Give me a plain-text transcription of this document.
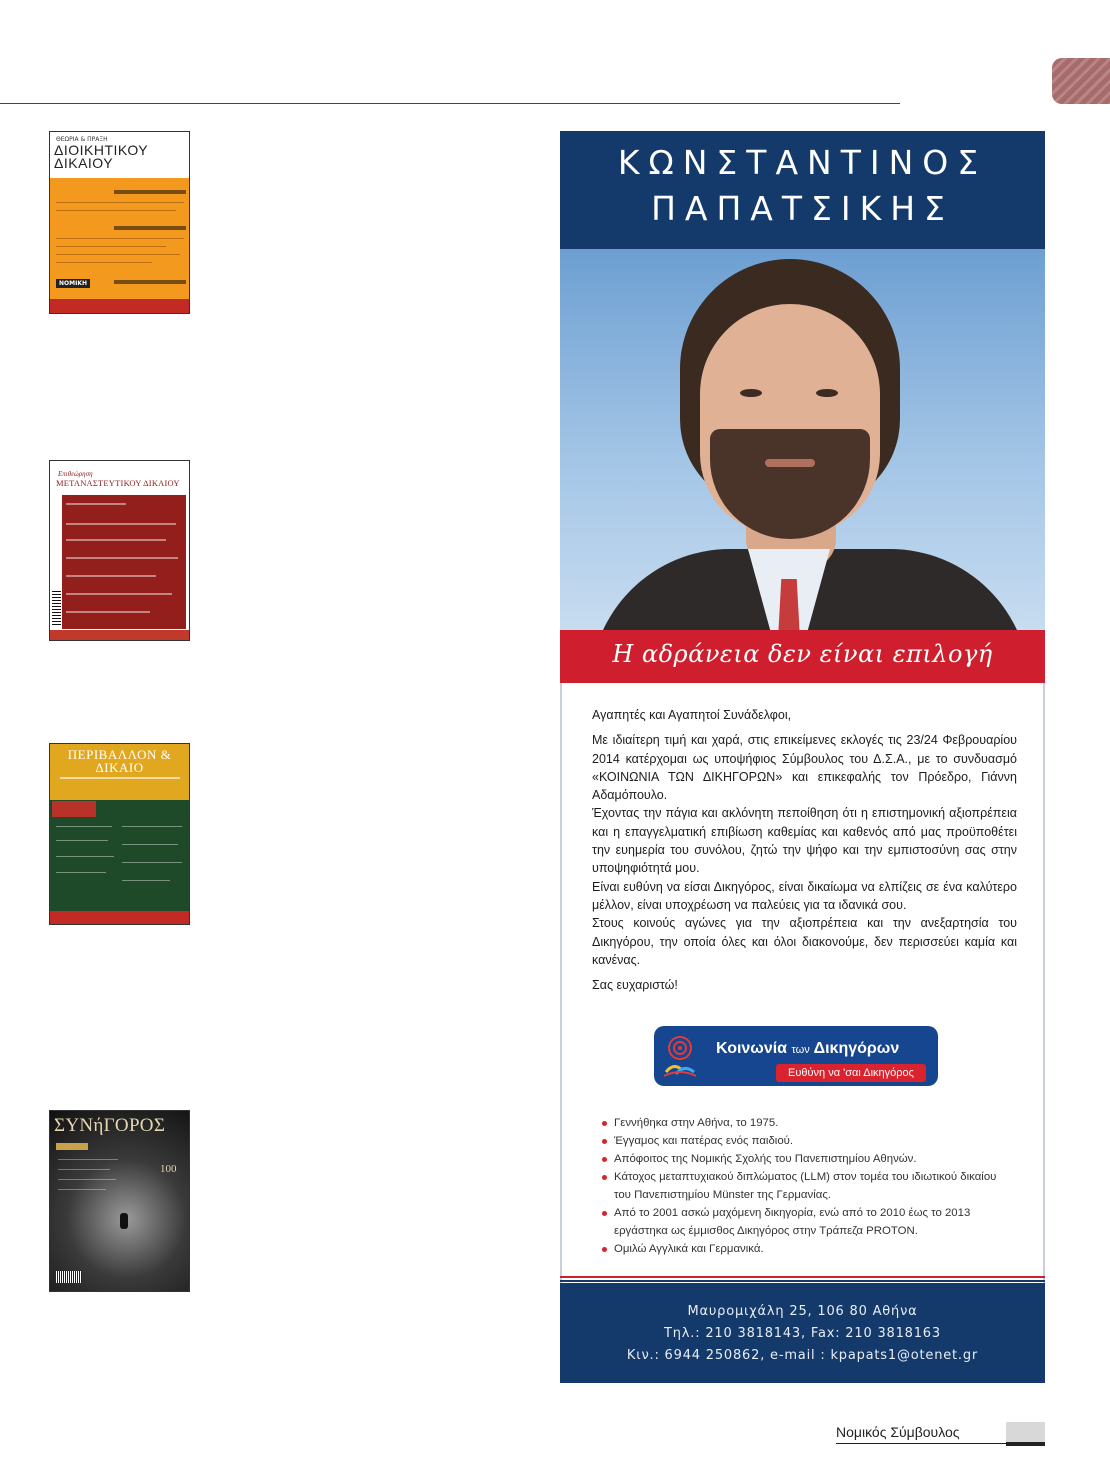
ΘΕΩΡΙΑ & ΠΡΑΞΗ
ΔΙΟΙΚΗΤΙΚΟΥ ΔΙΚΑΙΟΥ
ΝΟΜΙΚΗ
Επιθεώρηση
ΜΕΤΑΝΑΣΤΕΥΤΙΚΟΥ ΔΙΚΑΙΟΥ
ΠΕΡΙΒΑΛΛΟΝ & ΔΙΚΑΙΟ
ΣΥΝήΓΟΡΟΣ
100
ΚΩΝΣΤΑΝΤΙΝΟΣ
ΠΑΠΑΤΣΙΚΗΣ
Η αδράνεια δεν είναι επιλογή

Αγαπητές και Αγαπητοί Συνάδελφοι,

Με ιδιαίτερη τιμή και χαρά, στις επικείμενες εκλογές τις 23/24 Φεβρουαρίου 2014 κατέρχομαι ως υποψήφιος Σύμβουλος του Δ.Σ.Α., με το συνδυασμό «ΚΟΙΝΩΝΙΑ ΤΩΝ ΔΙΚΗΓΟΡΩΝ» και επικεφαλής τον Πρόεδρο, Γιάννη Αδαμόπουλο.

Έχοντας την πάγια και ακλόνητη πεποίθηση ότι η επιστημονική αξιοπρέπεια και η επαγγελματική επιβίωση καθεμίας και καθενός από μας προϋποθέτει την ευημερία του συνόλου, ζητώ την ψήφο και την εμπιστοσύνη σας στην υποψηφιότητά μου.

Είναι ευθύνη να είσαι Δικηγόρος, είναι δικαίωμα να ελπίζεις σε ένα καλύτερο μέλλον, είναι υποχρέωση να παλεύεις για τα ιδανικά σου.

Στους κοινούς αγώνες για την αξιοπρέπεια και την ανεξαρτησία του Δικηγόρου, την οποία όλες και όλοι διακονούμε, δεν περισσεύει καμία και κανένας.

Σας ευχαριστώ!

Κοινωνία των Δικηγόρων
Ευθύνη να 'σαι Δικηγόρος
Γεννήθηκα στην Αθήνα, το 1975.
Έγγαμος και πατέρας ενός παιδιού.
Απόφοιτος της Νομικής Σχολής του Πανεπιστημίου Αθηνών.
Κάτοχος μεταπτυχιακού διπλώματος (LLM) στον τομέα του ιδιωτικού δικαίου του Πανεπιστημίου Münster της Γερμανίας.
Από το 2001 ασκώ μαχόμενη δικηγορία, ενώ από το 2010 έως το 2013 εργάστηκα ως έμμισθος Δικηγόρος στην Τράπεζα PROTON.
Ομιλώ Αγγλικά και Γερμανικά.
Μαυρομιχάλη 25, 106 80 Αθήνα
Τηλ.: 210 3818143, Fax: 210 3818163
Κιν.: 6944 250862, e-mail : kpapats1@otenet.gr
Νομικός Σύμβουλος
